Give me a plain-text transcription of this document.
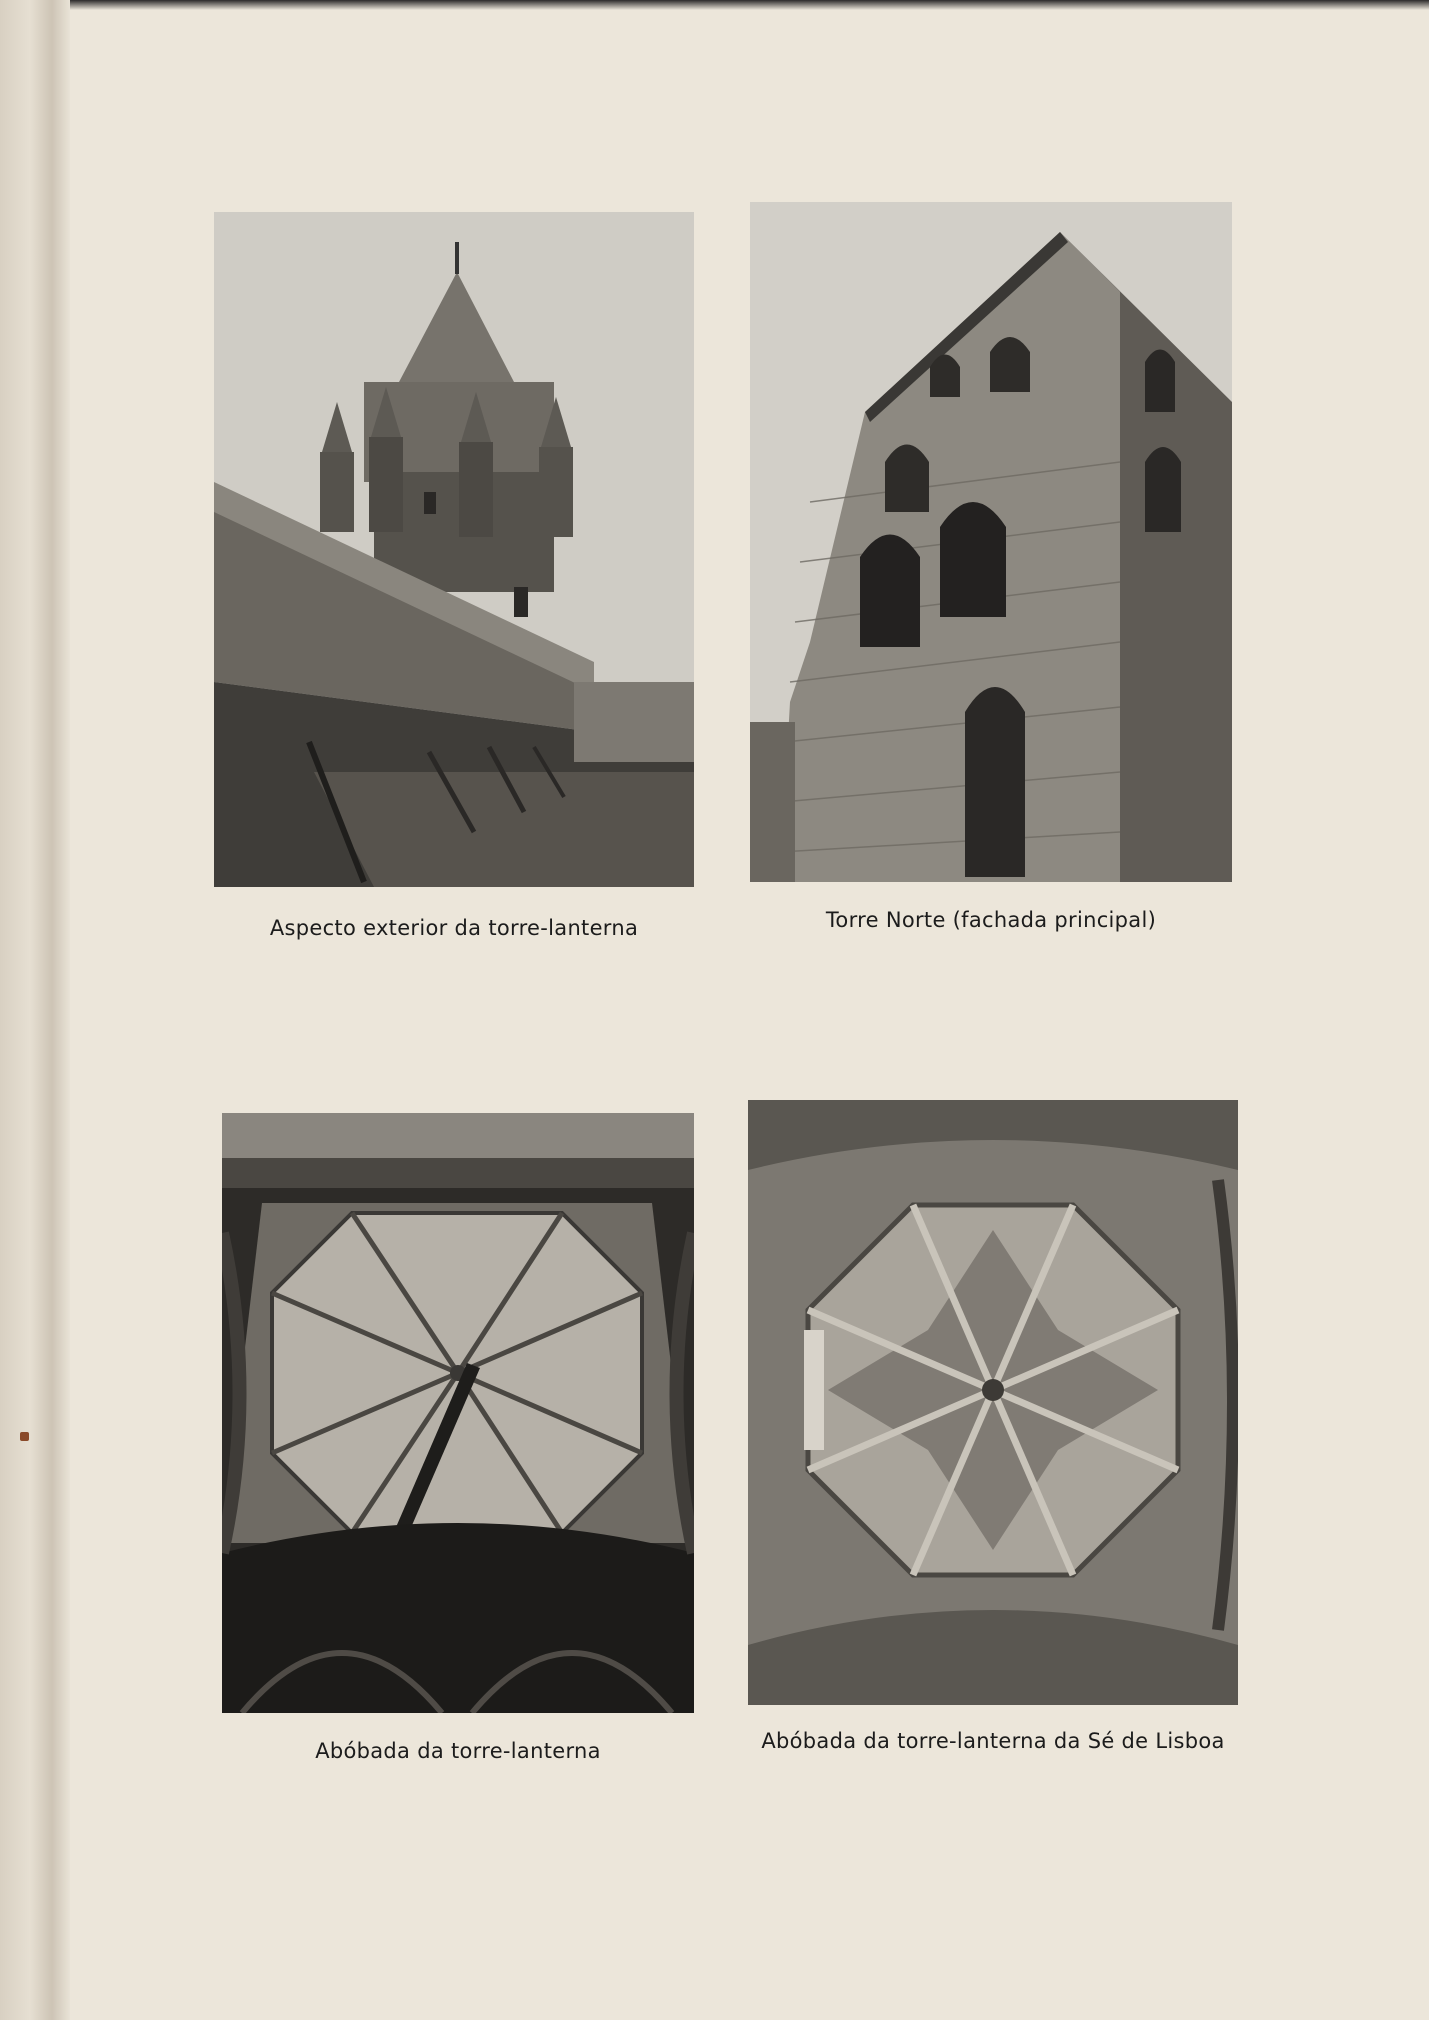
Aspecto exterior da torre-lanterna	Torre Norte (fachada principal)
Abóbada da torre-lanterna	Abóbada da torre-lanterna da Sé de Lisboa
